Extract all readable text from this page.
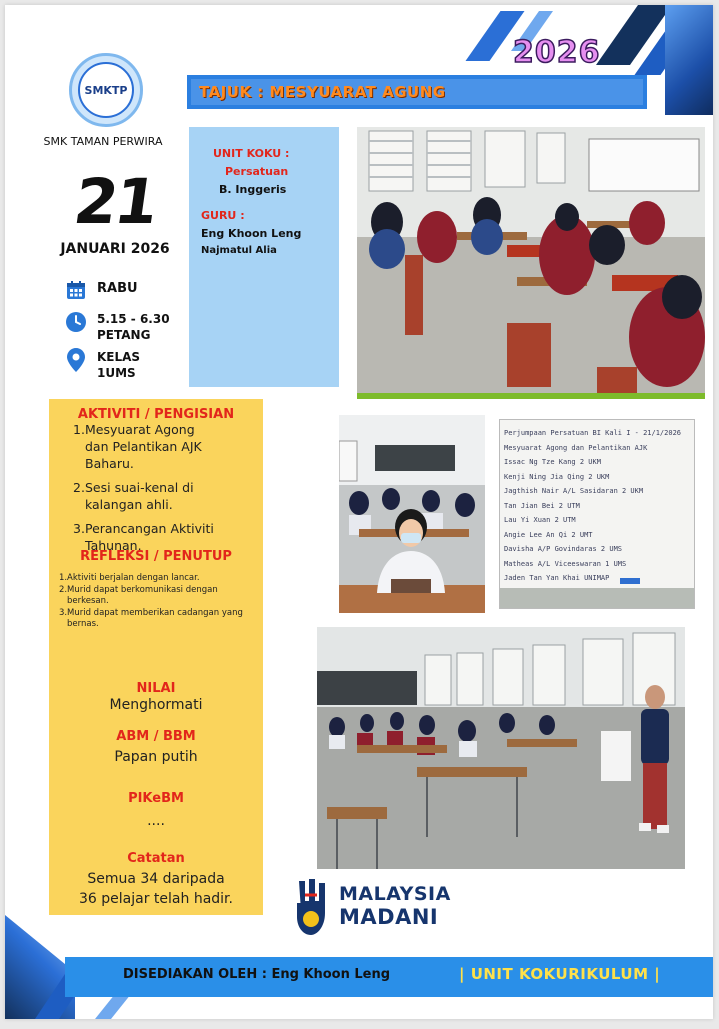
SMKTP
SMK TAMAN PERWIRA
21
JANUARI 2026
RABU
5.15 - 6.30
PETANG
KELAS
1UMS
2026
TAJUK : MESYUARAT AGUNG
UNIT KOKU :
Persatuan
B. Inggeris
GURU :
Eng Khoon Leng
Najmatul Alia
AKTIVITI / PENGISIAN
1. Mesyuarat Agong
dan Pelantikan AJK
Baharu.
2. Sesi suai-kenal di
kalangan ahli.
3. Perancangan Aktiviti
Tahunan.
REFLEKSI / PENUTUP
1. Aktiviti berjalan dengan lancar.
2. Murid dapat berkomunikasi dengan berkesan.
3. Murid dapat memberikan cadangan yang bernas.
NILAI
Menghormati
ABM / BBM
Papan putih
PIKeBM
....
Catatan
Semua 34 daripada
36 pelajar telah hadir.
Perjumpaan Persatuan BI Kali I - 21/1/2026
Mesyuarat Agong dan Pelantikan AJK
Issac Ng Tze Kang 2 UKM
Kenji Ning Jia Qing 2 UKM
Jagthish Nair A/L Sasidaran 2 UKM
Tan Jian Bei 2 UTM
Lau Yi Xuan 2 UTM
Angie Lee An Qi 2 UMT
Davisha A/P Govindaras 2 UMS
Matheas A/L Viceeswaran 1 UMS
Jaden Tan Yan Khai UNIMAP
MALAYSIA
MADANI
DISEDIAKAN OLEH : Eng Khoon Leng	| UNIT KOKURIKULUM |
